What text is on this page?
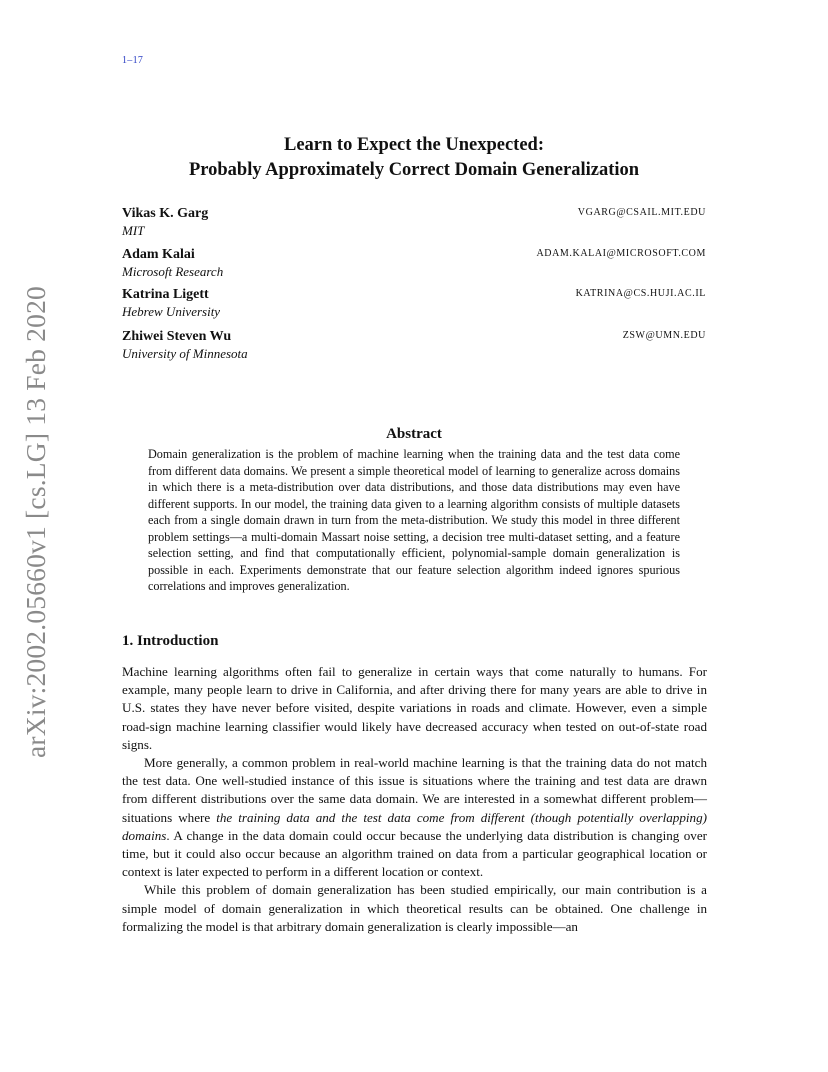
1–17
arXiv:2002.05660v1 [cs.LG] 13 Feb 2020
Learn to Expect the Unexpected:
Probably Approximately Correct Domain Generalization
Vikas K. Garg
MIT
VGARG@CSAIL.MIT.EDU
Adam Kalai
Microsoft Research
ADAM.KALAI@MICROSOFT.COM
Katrina Ligett
Hebrew University
KATRINA@CS.HUJI.AC.IL
Zhiwei Steven Wu
University of Minnesota
ZSW@UMN.EDU
Abstract
Domain generalization is the problem of machine learning when the training data and the test data come from different data domains. We present a simple theoretical model of learning to generalize across domains in which there is a meta-distribution over data distributions, and those data distributions may even have different supports. In our model, the training data given to a learning algorithm consists of multiple datasets each from a single domain drawn in turn from the meta-distribution. We study this model in three different problem settings—a multi-domain Massart noise setting, a decision tree multi-dataset setting, and a feature selection setting, and find that computationally efficient, polynomial-sample domain generalization is possible in each. Experiments demonstrate that our feature selection algorithm indeed ignores spurious correlations and improves generalization.
1. Introduction

Machine learning algorithms often fail to generalize in certain ways that come naturally to humans. For example, many people learn to drive in California, and after driving there for many years are able to drive in U.S. states they have never before visited, despite variations in roads and climate. However, even a simple road-sign machine learning classifier would likely have decreased accuracy when tested on out-of-state road signs.

More generally, a common problem in real-world machine learning is that the training data do not match the test data. One well-studied instance of this issue is situations where the training and test data are drawn from different distributions over the same data domain. We are interested in a somewhat different problem—situations where the training data and the test data come from different (though potentially overlapping) domains. A change in the data domain could occur because the underlying data distribution is changing over time, but it could also occur because an algorithm trained on data from a particular geographical location or context is later expected to perform in a different location or context.

While this problem of domain generalization has been studied empirically, our main contribution is a simple model of domain generalization in which theoretical results can be obtained. One challenge in formalizing the model is that arbitrary domain generalization is clearly impossible—an
